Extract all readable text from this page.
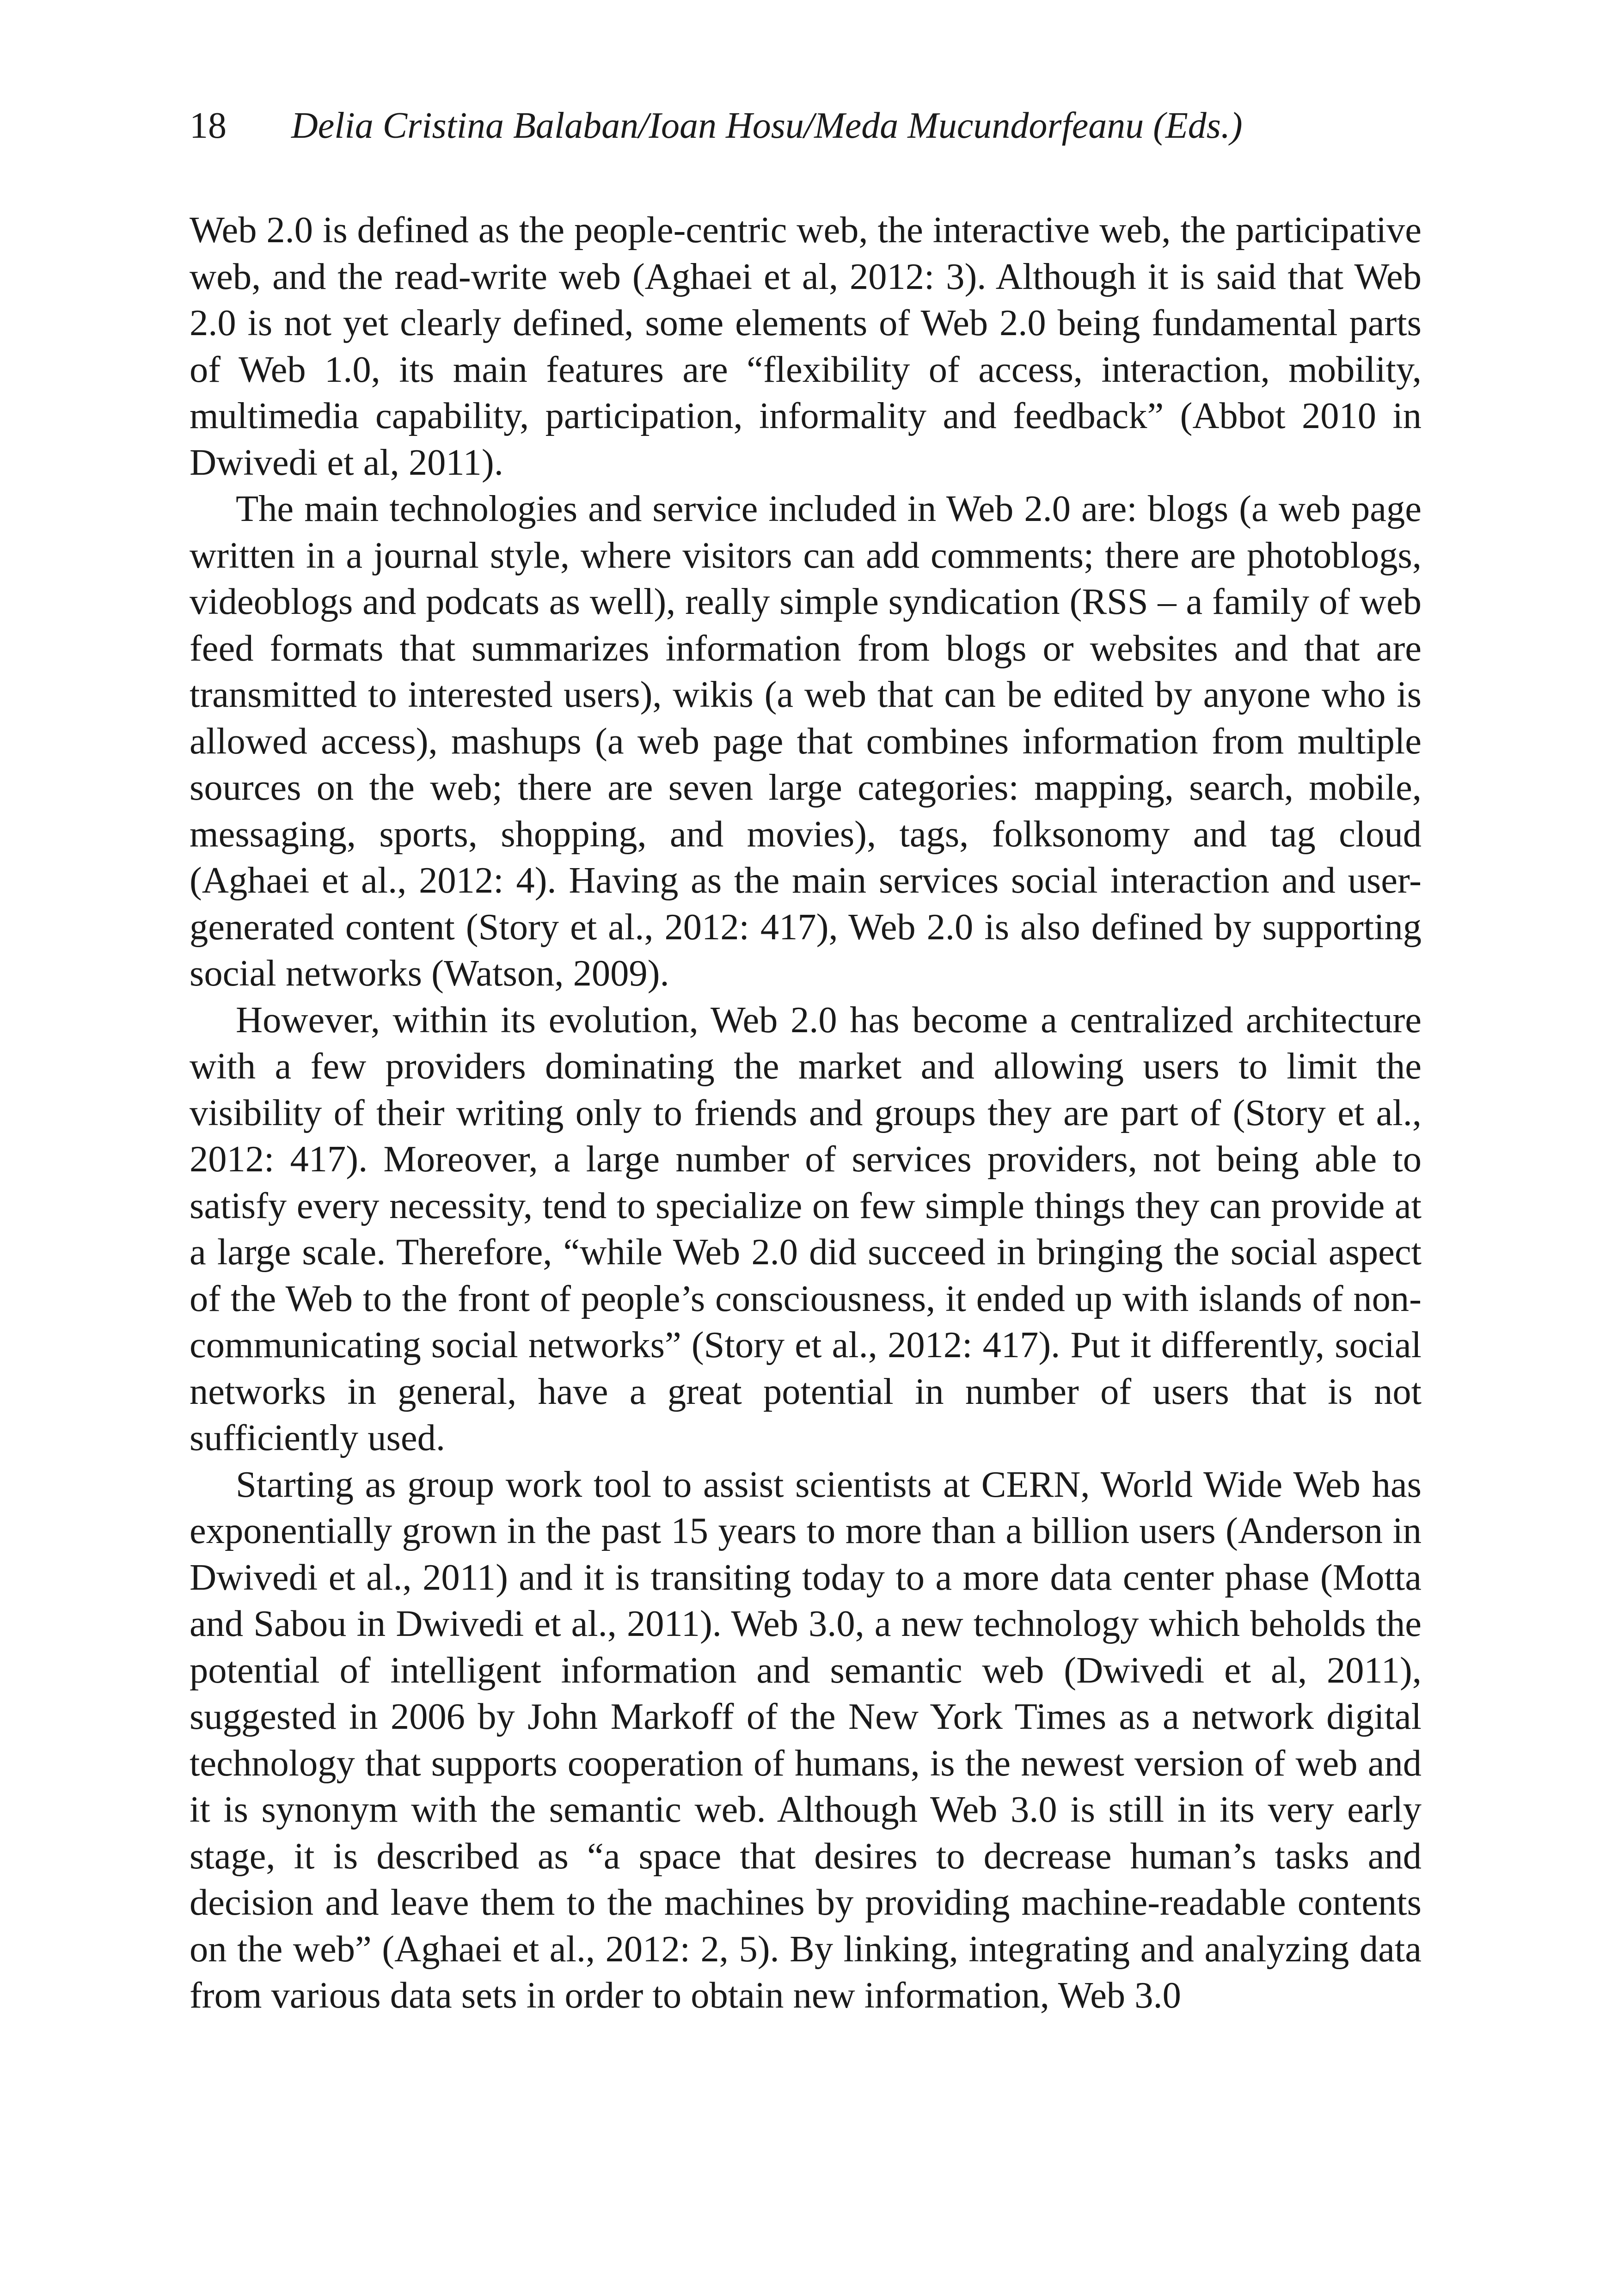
18 Delia Cristina Balaban/Ioan Hosu/Meda Mucundorfeanu (Eds.)

Web 2.0 is defined as the people-centric web, the interactive web, the participative web, and the read-write web (Aghaei et al, 2012: 3). Although it is said that Web 2.0 is not yet clearly defined, some elements of Web 2.0 being fundamental parts of Web 1.0, its main features are “flexibility of access, interaction, mobility, multimedia capability, participation, informality and feedback” (Abbot 2010 in Dwivedi et al, 2011).

The main technologies and service included in Web 2.0 are: blogs (a web page written in a journal style, where visitors can add comments; there are photoblogs, videoblogs and podcats as well), really simple syndication (RSS – a family of web feed formats that summarizes information from blogs or websites and that are transmitted to interested users), wikis (a web that can be edited by anyone who is allowed access), mashups (a web page that combines information from multiple sources on the web; there are seven large categories: mapping, search, mobile, messaging, sports, shopping, and movies), tags, folksonomy and tag cloud (Aghaei et al., 2012: 4). Having as the main services social interaction and user-generated content (Story et al., 2012: 417), Web 2.0 is also defined by supporting social networks (Watson, 2009).

However, within its evolution, Web 2.0 has become a centralized architecture with a few providers dominating the market and allowing users to limit the visibility of their writing only to friends and groups they are part of (Story et al., 2012: 417). Moreover, a large number of services providers, not being able to satisfy every necessity, tend to specialize on few simple things they can provide at a large scale. Therefore, “while Web 2.0 did succeed in bringing the social aspect of the Web to the front of people’s consciousness, it ended up with islands of non-communicating social networks” (Story et al., 2012: 417). Put it differently, social networks in general, have a great potential in number of users that is not sufficiently used.

Starting as group work tool to assist scientists at CERN, World Wide Web has exponentially grown in the past 15 years to more than a billion users (Anderson in Dwivedi et al., 2011) and it is transiting today to a more data center phase (Motta and Sabou in Dwivedi et al., 2011). Web 3.0, a new technology which beholds the potential of intelligent information and semantic web (Dwivedi et al, 2011), suggested in 2006 by John Markoff of the New York Times as a network digital technology that supports cooperation of humans, is the newest version of web and it is synonym with the semantic web. Although Web 3.0 is still in its very early stage, it is described as “a space that desires to decrease human’s tasks and decision and leave them to the machines by providing machine-readable contents on the web” (Aghaei et al., 2012: 2, 5). By linking, integrating and analyzing data from various data sets in order to obtain new information, Web 3.0
